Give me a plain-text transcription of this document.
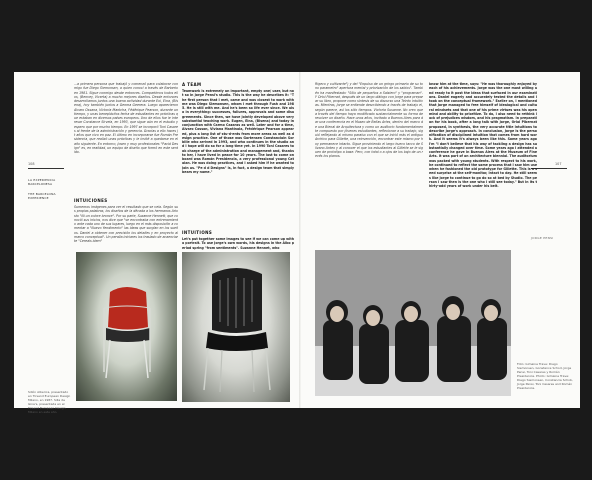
108
LA EXPERIENCIA
BARCELONESA
THE BARCELONA
EXPERIENCE
...a primera persona que trabajó y comenzó para colaborar conmigo fue Diego Siemonsen, a quien conocí a través de Barberio en 1981. Sigue conmigo desde entonces. Compartimos todos ellos, (Benvey, Vicerta) a mucho mejores diseños. Desde entonces desarrollamos juntos una buena actividad durante Exi, Elna, (Bisena), hoy también juntos a Genma Geerera. Luego aparecieron Alvaro Ossana, Victoria Mantcha, Fédérique Pearson, durante un tiempo, y unas beneplácitos fecha de estudiantes en prácticas que estaban en diversos países europeos. Uno de ellos fue le interesar Constance Sirvela, en 1993, que sigue aún en el estudio y espero que por mucho tiempo. En 1997 se incorporó Toni Casares al frente de la administración y gerencia. Gracias a ello haces jt años que vivo en paz. El último en incorporarse fue Román Presidencia, que realizó unas prácticas y le invité a quedarse en el año siguiente. En entorno, Josen y muy profesionales "Pavid Design" es, en realidad, un equipo de diseño que formó en este sentido.
INTUICIONES
Sumemos imágenes para ver el resultado que se veía. Según sus propias palabras, los diseños de la década a los hermanos Ariosto "Ni un colore bronce". Por su parte, Suzanne Hennett, que conoció sus inicios, nos dice que "se encontraba con entrenamiento ante cada uno de sus lugares, luego en el más disposición a comentar a "Nuevo Yendimento" las ideas que surgían en los sueños. Daniel a obtener con precisión los detalles y en proyecto al marco conceptual". Un peralla iniciares los traslado de acaenciarte "Cereals idem"
A TEAM
Teamwork is extremely an important, empty one/ user, but not so in Jorge Pensi's studio. This is the way he describes it: "The first person that I met, came and was closest to work with me was Diego Siemonsen, whom I met through Fush and 1985. He is still with me. And he's been so life ever since. We also in everything: successes, failures, approvals and some disagreements. Since then, we have jointly developed above very substantial teaching work. Eugen, Elna, (Bisena) and today in conjunction with Carmo Cazaras as well. Later and for a time, Alvaro Cosson, Viviana Mantinola, Frédérique Pearson appeared, plus a long list of stu-d-ents from more areas as well as design practice. One of those was Gortensen Constanciain Sorbille who arrived in 1993, and who continues in the studio and I hope will do so for a long time yet. In 1990 Toni Casares took charge of the administration and management and, thanks to her, I have lived in peace for 10 years. The last to come onboard was Román Presidencia, a very professional young Catalan. He was doing practices, and I asked him if he wanted to join us. "Pe d d Designs" is, in fact, a design team that simply bears my name."
INTUITIONS
Let's put together some images to see if we can come up with a portrait. To use Jorge's own words, his designs in the Albo period spring "from sentiments". Suzanne Hennet, who
Sillón Alberica, presentado en Tirsend European Design Milano, en 1987. Silla de Gina's, presentada en el Tirsend European Design Milano en este año.
107
JORGE PENSI
Rigeco y cultivante") y del "Enpulso de un gringo primario de su tono parametro" apertura mental y priorización de los sabios". También ha manifestado: "Sólo de pequeños a Salsiero" y "programan". Y Oriol Pibernat, después de un largo diálogo con Jorge para preparar su libro, propone como síntesis de su discurso una Teinto intuitivas. Mientras, Jorge se entiende describiendo a través de trabajo el, según parece, así los sólo tiempos. Victoria Susanne. No creo que a través del tiempo haya modificado sustancialmente su forma de resolver un diseño. Hace unos años, invitado a Buenos Aires para dar una conferencia en el Museo de Bellas Artes, dentro del marco de una Bienal de Arquitectura y como un auditorio fundamentalmente compuesto por jóvenes estudiantes, reflexionar a su trabajo, siguió reflejando al mismo paraíso con el que se inició más el antiguo Archivo para Gillette, una reinvención, encontrar este mismo por hoy permanece intacto. Sigue proviniendo el largo hueco tacco de Silvano Anteo y al conocer el que los estudiantes al Gillette se le siguen de prototipo a base. Pero, con total o a ojos de los bajo de un revés los planos.
know him at the time, says: "He was thoroughly enjoyed by each of his achievements. Jorge was the one most willing and ready to it post the ideas that surfaced in our examinations. Daniel eagerly and accurately tested the details and I took on the conceptual framework." Earlier on, I mentioned that Jorge managed to free himself of idealogical and cultural mindsets and that one of his prime virtues was his open mind and ability to prioritize. To do, I also need to rethink lack of prejudices wisdom, and his pragmatism. In preparation for his book, after a long talk with Jorge, Oriol Pibernat proposed, in synthesis, the very accurate title Intuitions to describe Jorge's approach. In conclusion, Jorge is the personification of disciplined intuition that comes from hard work. And it seems it's always been like this. Some years ago I'm "I don't believe that his way of tackling a design has substantially changed over time. Some years ago I attended a conference he gave in Buenos Aires at the Museum of Fine Arts. It was part of an architecture biennial. The auditorium was packed with young students. With respect to his work, he continued to reflect the same process that I saw him use when he fashioned the old prototype for Gillette. This is a seed surprise at the self-monitor, intact to day. He still seems like Jorge to continue to go do so at bed by Studio. The person I saw then is the one who I still see today." But in its thirty-odd years of work under his belt.
Foto: Gimaine Trave: Diego Siemonsen, Gonstance Schod, Jorge Pensi, Toni Casares y Román Presidencia. Photo: Gimaine Trave: Diego Siemonsen, Constancia Schob, Jorge Pensi, Toni Casares and Román Presidencia.
